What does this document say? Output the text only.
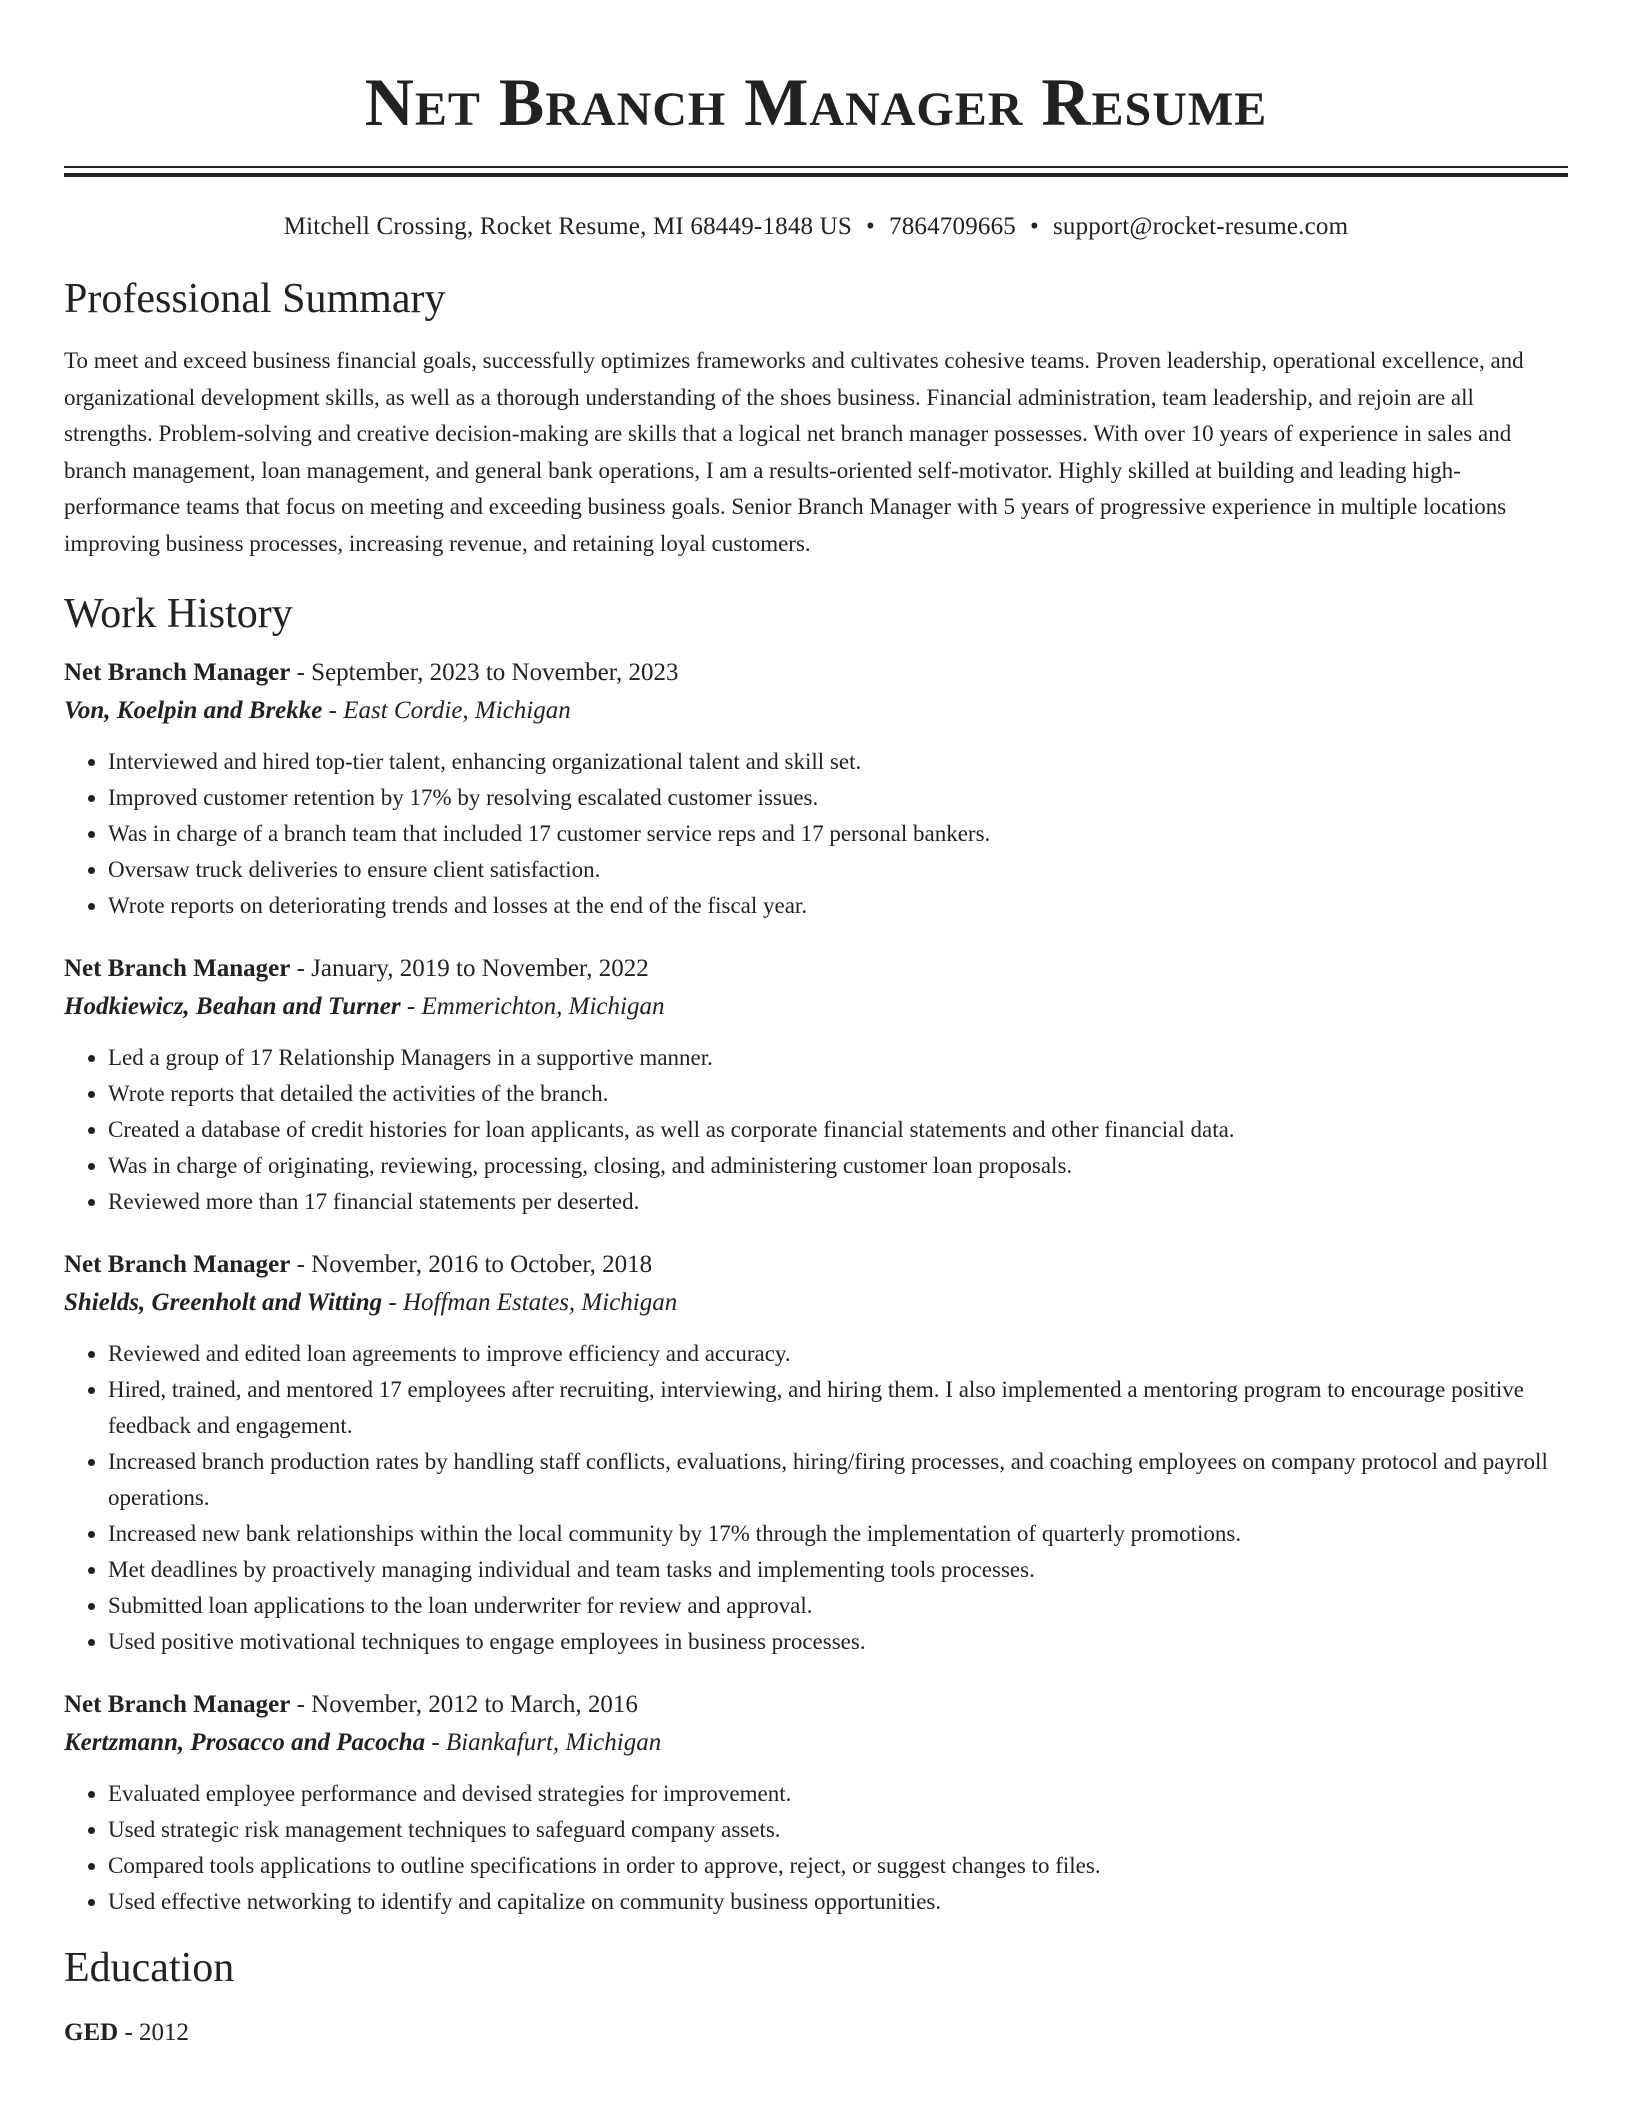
Net Branch Manager Resume
Mitchell Crossing, Rocket Resume, MI 68449-1848 US • 7864709665 • support@rocket-resume.com
Professional Summary

To meet and exceed business financial goals, successfully optimizes frameworks and cultivates cohesive teams. Proven leadership, operational excellence, and organizational development skills, as well as a thorough understanding of the shoes business. Financial administration, team leadership, and rejoin are all strengths. Problem-solving and creative decision-making are skills that a logical net branch manager possesses. With over 10 years of experience in sales and branch management, loan management, and general bank operations, I am a results-oriented self-motivator. Highly skilled at building and leading high-performance teams that focus on meeting and exceeding business goals. Senior Branch Manager with 5 years of progressive experience in multiple locations improving business processes, increasing revenue, and retaining loyal customers.

Work History
Net Branch Manager - September, 2023 to November, 2023
Von, Koelpin and Brekke - East Cordie, Michigan
• Interviewed and hired top-tier talent, enhancing organizational talent and skill set.
• Improved customer retention by 17% by resolving escalated customer issues.
• Was in charge of a branch team that included 17 customer service reps and 17 personal bankers.
• Oversaw truck deliveries to ensure client satisfaction.
• Wrote reports on deteriorating trends and losses at the end of the fiscal year.
Net Branch Manager - January, 2019 to November, 2022
Hodkiewicz, Beahan and Turner - Emmerichton, Michigan
• Led a group of 17 Relationship Managers in a supportive manner.
• Wrote reports that detailed the activities of the branch.
• Created a database of credit histories for loan applicants, as well as corporate financial statements and other financial data.
• Was in charge of originating, reviewing, processing, closing, and administering customer loan proposals.
• Reviewed more than 17 financial statements per deserted.
Net Branch Manager - November, 2016 to October, 2018
Shields, Greenholt and Witting - Hoffman Estates, Michigan
• Reviewed and edited loan agreements to improve efficiency and accuracy.
• Hired, trained, and mentored 17 employees after recruiting, interviewing, and hiring them. I also implemented a mentoring program to encourage positive feedback and engagement.
• Increased branch production rates by handling staff conflicts, evaluations, hiring/firing processes, and coaching employees on company protocol and payroll operations.
• Increased new bank relationships within the local community by 17% through the implementation of quarterly promotions.
• Met deadlines by proactively managing individual and team tasks and implementing tools processes.
• Submitted loan applications to the loan underwriter for review and approval.
• Used positive motivational techniques to engage employees in business processes.
Net Branch Manager - November, 2012 to March, 2016
Kertzmann, Prosacco and Pacocha - Biankafurt, Michigan
• Evaluated employee performance and devised strategies for improvement.
• Used strategic risk management techniques to safeguard company assets.
• Compared tools applications to outline specifications in order to approve, reject, or suggest changes to files.
• Used effective networking to identify and capitalize on community business opportunities.
Education
GED - 2012
